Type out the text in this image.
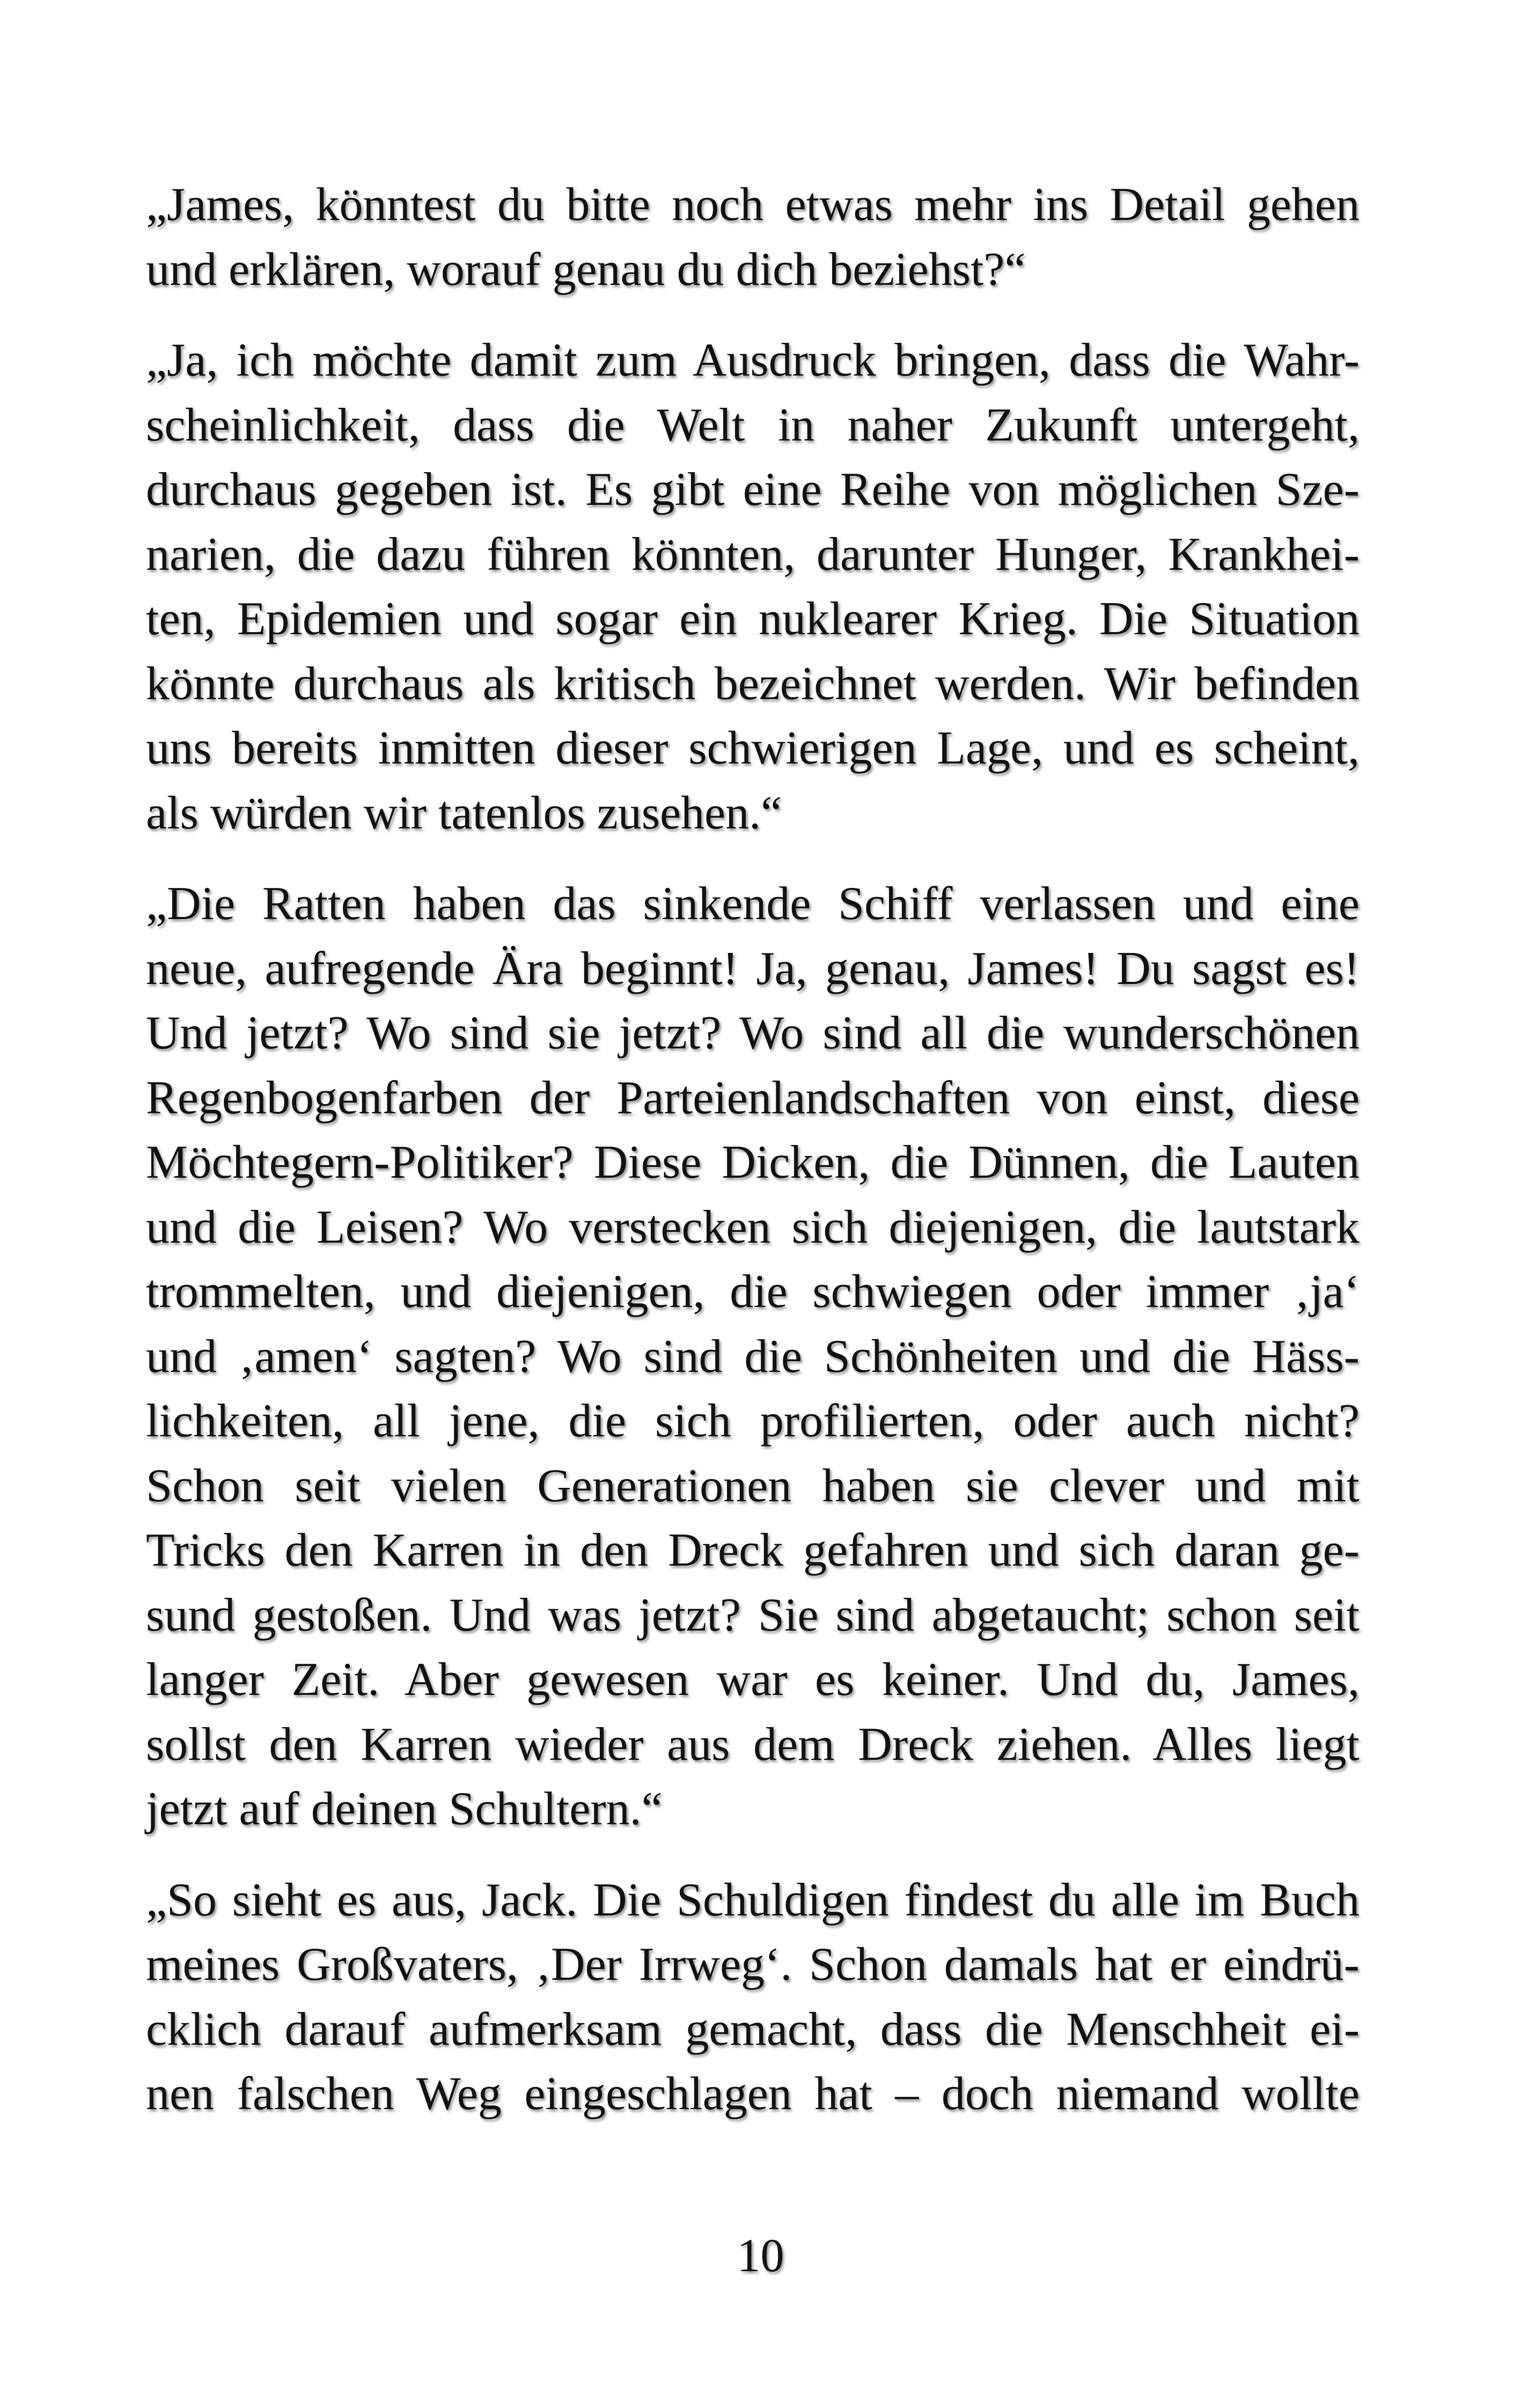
„James, könntest du bitte noch etwas mehr ins Detail gehen
und erklären, worauf genau du dich beziehst?“

„Ja, ich möchte damit zum Ausdruck bringen, dass die Wahr-
scheinlichkeit, dass die Welt in naher Zukunft untergeht,
durchaus gegeben ist. Es gibt eine Reihe von möglichen Sze-
narien, die dazu führen könnten, darunter Hunger, Krankhei-
ten, Epidemien und sogar ein nuklearer Krieg. Die Situation
könnte durchaus als kritisch bezeichnet werden. Wir befinden
uns bereits inmitten dieser schwierigen Lage, und es scheint,
als würden wir tatenlos zusehen.“

„Die Ratten haben das sinkende Schiff verlassen und eine
neue, aufregende Ära beginnt! Ja, genau, James! Du sagst es!
Und jetzt? Wo sind sie jetzt? Wo sind all die wunderschönen
Regenbogenfarben der Parteienlandschaften von einst, diese
Möchtegern-Politiker? Diese Dicken, die Dünnen, die Lauten
und die Leisen? Wo verstecken sich diejenigen, die lautstark
trommelten, und diejenigen, die schwiegen oder immer ‚ja‘
und ‚amen‘ sagten? Wo sind die Schönheiten und die Häss-
lichkeiten, all jene, die sich profilierten, oder auch nicht?
Schon seit vielen Generationen haben sie clever und mit
Tricks den Karren in den Dreck gefahren und sich daran ge-
sund gestoßen. Und was jetzt? Sie sind abgetaucht; schon seit
langer Zeit. Aber gewesen war es keiner. Und du, James,
sollst den Karren wieder aus dem Dreck ziehen. Alles liegt
jetzt auf deinen Schultern.“

„So sieht es aus, Jack. Die Schuldigen findest du alle im Buch
meines Großvaters, ‚Der Irrweg‘. Schon damals hat er eindrü-
cklich darauf aufmerksam gemacht, dass die Menschheit ei-
nen falschen Weg eingeschlagen hat – doch niemand wollte

10
